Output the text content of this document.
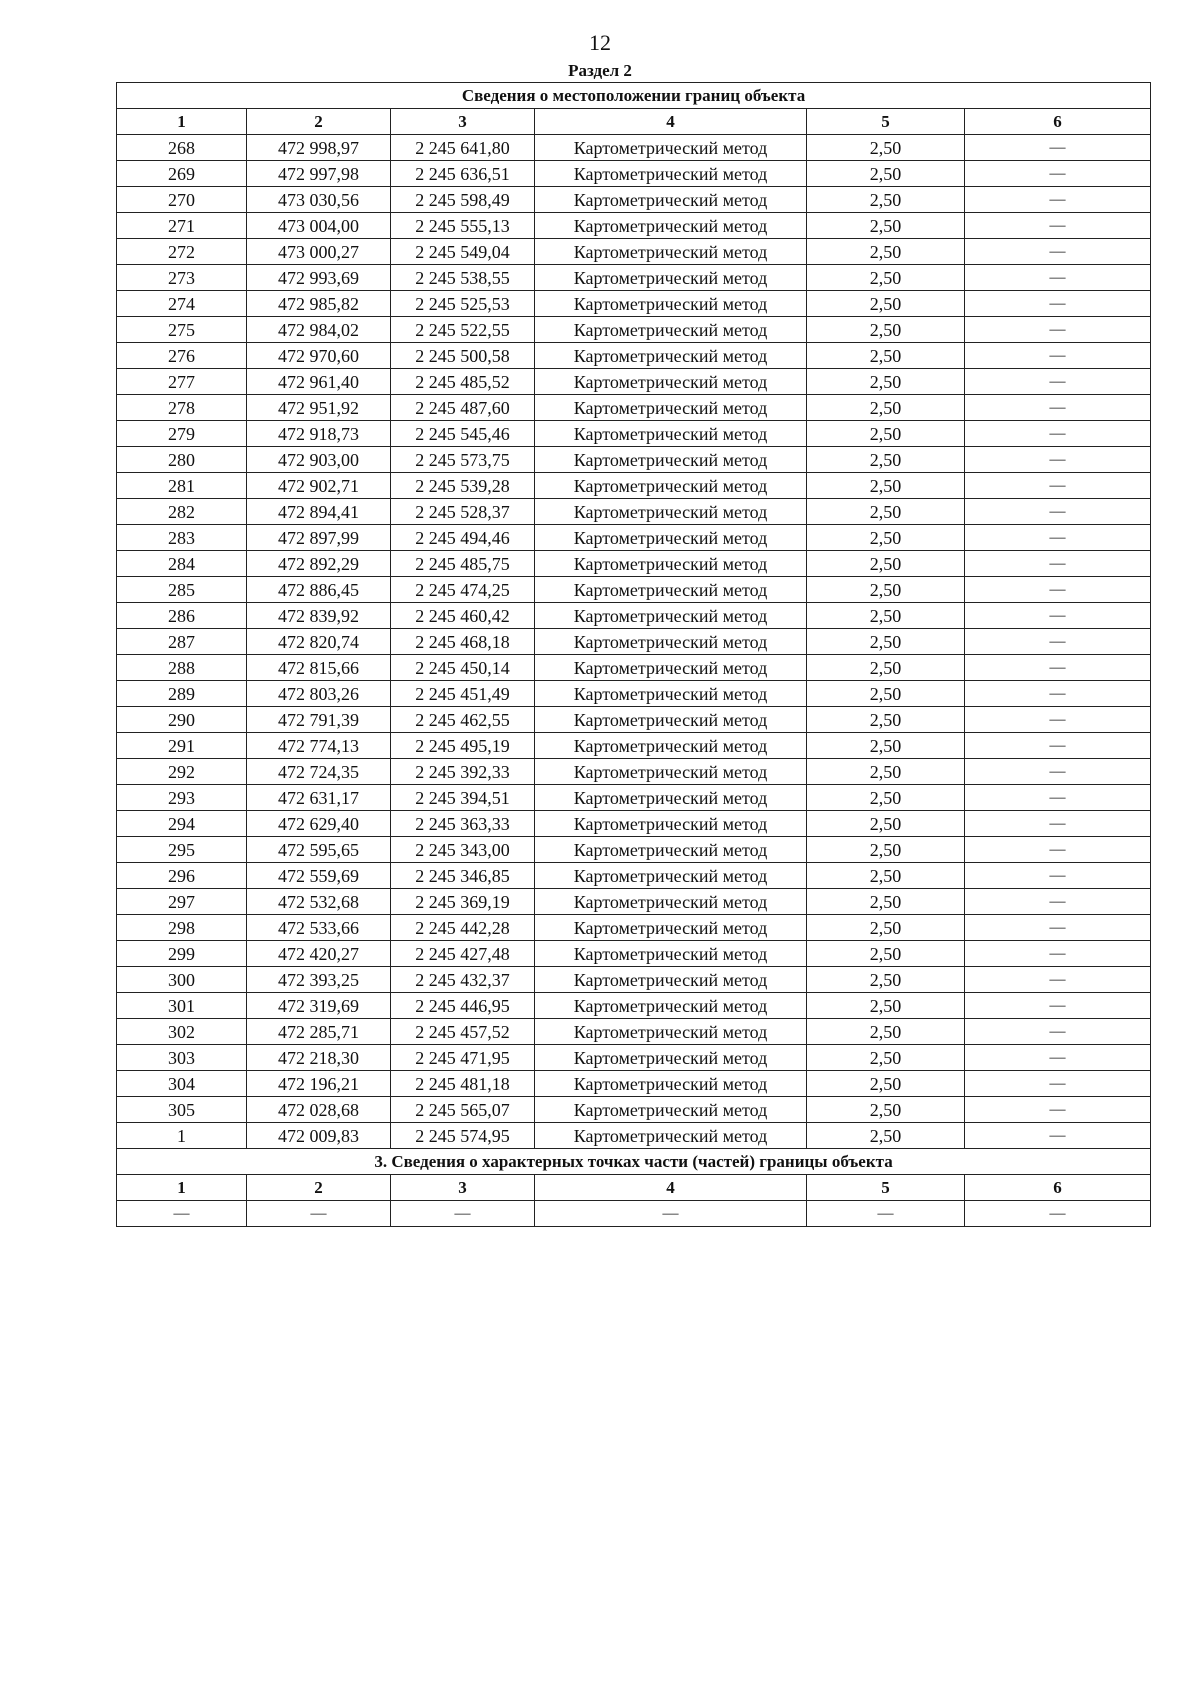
12
Раздел 2
Сведения о местоположении границ объекта					
1	2	3	4	5	6
268	472 998,97	2 245 641,80	Картометрический метод	2,50	—
269	472 997,98	2 245 636,51	Картометрический метод	2,50	—
270	473 030,56	2 245 598,49	Картометрический метод	2,50	—
271	473 004,00	2 245 555,13	Картометрический метод	2,50	—
272	473 000,27	2 245 549,04	Картометрический метод	2,50	—
273	472 993,69	2 245 538,55	Картометрический метод	2,50	—
274	472 985,82	2 245 525,53	Картометрический метод	2,50	—
275	472 984,02	2 245 522,55	Картометрический метод	2,50	—
276	472 970,60	2 245 500,58	Картометрический метод	2,50	—
277	472 961,40	2 245 485,52	Картометрический метод	2,50	—
278	472 951,92	2 245 487,60	Картометрический метод	2,50	—
279	472 918,73	2 245 545,46	Картометрический метод	2,50	—
280	472 903,00	2 245 573,75	Картометрический метод	2,50	—
281	472 902,71	2 245 539,28	Картометрический метод	2,50	—
282	472 894,41	2 245 528,37	Картометрический метод	2,50	—
283	472 897,99	2 245 494,46	Картометрический метод	2,50	—
284	472 892,29	2 245 485,75	Картометрический метод	2,50	—
285	472 886,45	2 245 474,25	Картометрический метод	2,50	—
286	472 839,92	2 245 460,42	Картометрический метод	2,50	—
287	472 820,74	2 245 468,18	Картометрический метод	2,50	—
288	472 815,66	2 245 450,14	Картометрический метод	2,50	—
289	472 803,26	2 245 451,49	Картометрический метод	2,50	—
290	472 791,39	2 245 462,55	Картометрический метод	2,50	—
291	472 774,13	2 245 495,19	Картометрический метод	2,50	—
292	472 724,35	2 245 392,33	Картометрический метод	2,50	—
293	472 631,17	2 245 394,51	Картометрический метод	2,50	—
294	472 629,40	2 245 363,33	Картометрический метод	2,50	—
295	472 595,65	2 245 343,00	Картометрический метод	2,50	—
296	472 559,69	2 245 346,85	Картометрический метод	2,50	—
297	472 532,68	2 245 369,19	Картометрический метод	2,50	—
298	472 533,66	2 245 442,28	Картометрический метод	2,50	—
299	472 420,27	2 245 427,48	Картометрический метод	2,50	—
300	472 393,25	2 245 432,37	Картометрический метод	2,50	—
301	472 319,69	2 245 446,95	Картометрический метод	2,50	—
302	472 285,71	2 245 457,52	Картометрический метод	2,50	—
303	472 218,30	2 245 471,95	Картометрический метод	2,50	—
304	472 196,21	2 245 481,18	Картометрический метод	2,50	—
305	472 028,68	2 245 565,07	Картометрический метод	2,50	—
1	472 009,83	2 245 574,95	Картометрический метод	2,50	—
3. Сведения о характерных точках части (частей) границы объекта					
1	2	3	4	5	6
—	—	—	—	—	—
